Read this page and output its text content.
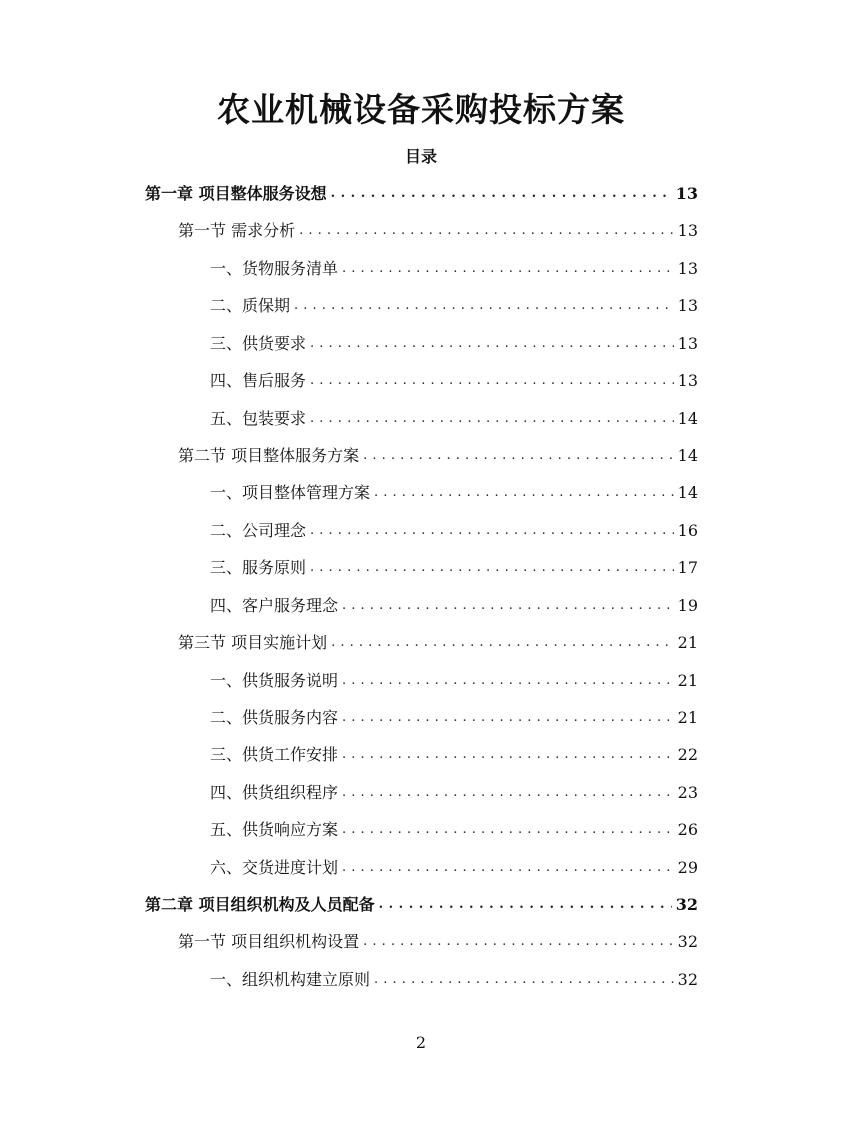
农业机械设备采购投标方案
目录
第一章 项目整体服务设想 . . .	13
第一节 需求分析 . . .	13
一、货物服务清单 . . .	13
二、质保期 . . .	13
三、供货要求 . . .	13
四、售后服务 . . .	13
五、包装要求 . . .	14
第二节 项目整体服务方案 . . .	14
一、项目整体管理方案 . . .	14
二、公司理念 . . .	16
三、服务原则 . . .	17
四、客户服务理念 . . .	19
第三节 项目实施计划 . . .	21
一、供货服务说明 . . .	21
二、供货服务内容 . . .	21
三、供货工作安排 . . .	22
四、供货组织程序 . . .	23
五、供货响应方案 . . .	26
六、交货进度计划 . . .	29
第二章 项目组织机构及人员配备 . . .	32
第一节 项目组织机构设置 . . .	32
一、组织机构建立原则 . . .	32
2
